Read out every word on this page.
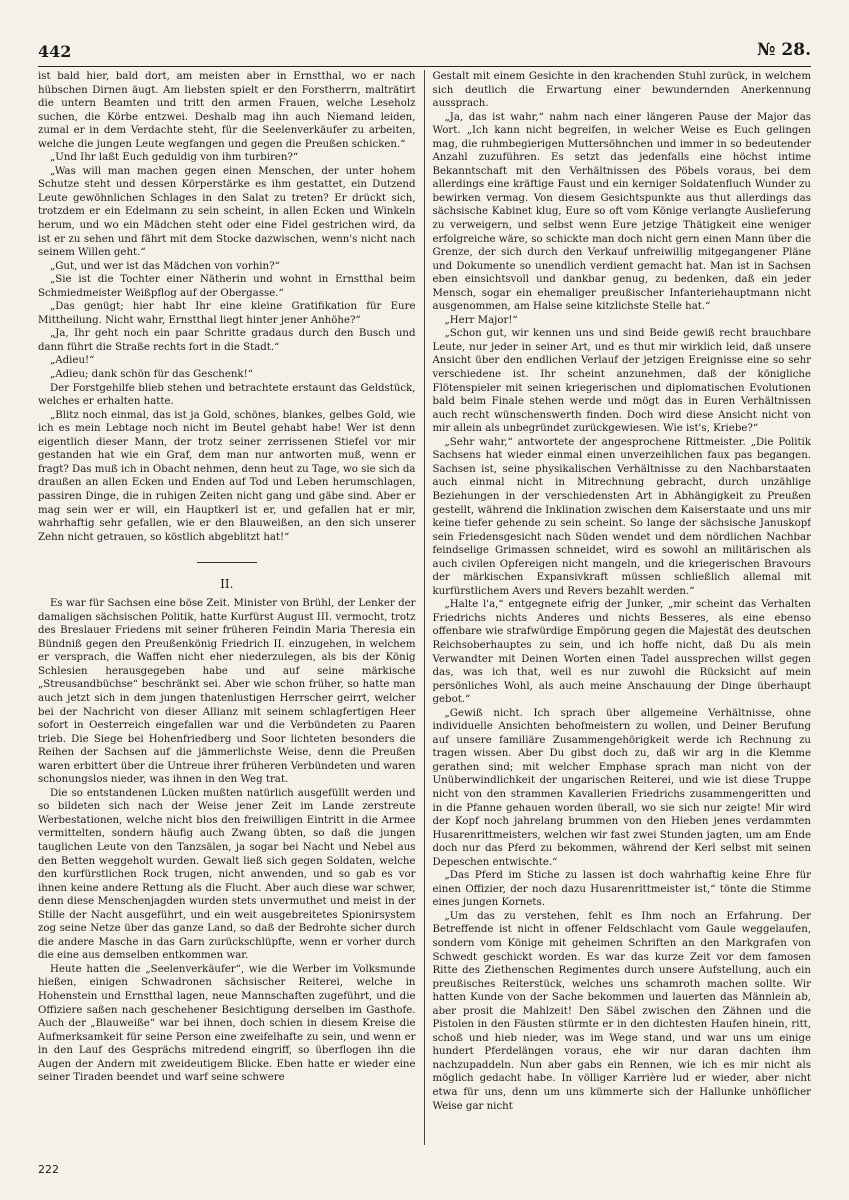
442	№ 28.

ist bald hier, bald dort, am meisten aber in Ernstthal, wo er nach hübschen Dirnen äugt. Am liebsten spielt er den Forstherrn, malträtirt die untern Beamten und tritt den armen Frauen, welche Leseholz suchen, die Körbe entzwei. Deshalb mag ihn auch Niemand leiden, zumal er in dem Verdachte steht, für die Seelenverkäufer zu arbeiten, welche die jungen Leute wegfangen und gegen die Preußen schicken.“

„Und Ihr laßt Euch geduldig von ihm turbiren?“

„Was will man machen gegen einen Menschen, der unter hohem Schutze steht und dessen Körperstärke es ihm gestattet, ein Dutzend Leute gewöhnlichen Schlages in den Salat zu treten? Er drückt sich, trotzdem er ein Edelmann zu sein scheint, in allen Ecken und Winkeln herum, und wo ein Mädchen steht oder eine Fidel gestrichen wird, da ist er zu sehen und fährt mit dem Stocke dazwischen, wenn's nicht nach seinem Willen geht.“

„Gut, und wer ist das Mädchen von vorhin?“

„Sie ist die Tochter einer Nätherin und wohnt in Ernstthal beim Schmiedmeister Weißpflog auf der Obergasse.“

„Das genügt; hier habt Ihr eine kleine Gratifikation für Eure Mittheilung. Nicht wahr, Ernstthal liegt hinter jener Anhöhe?“

„Ja, Ihr geht noch ein paar Schritte gradaus durch den Busch und dann führt die Straße rechts fort in die Stadt.“

„Adieu!“

„Adieu; dank schön für das Geschenk!“

Der Forstgehilfe blieb stehen und betrachtete erstaunt das Geldstück, welches er erhalten hatte.

„Blitz noch einmal, das ist ja Gold, schönes, blankes, gelbes Gold, wie ich es mein Lebtage noch nicht im Beutel gehabt habe! Wer ist denn eigentlich dieser Mann, der trotz seiner zerrissenen Stiefel vor mir gestanden hat wie ein Graf, dem man nur antworten muß, wenn er fragt? Das muß ich in Obacht nehmen, denn heut zu Tage, wo sie sich da draußen an allen Ecken und Enden auf Tod und Leben herumschlagen, passiren Dinge, die in ruhigen Zeiten nicht gang und gäbe sind. Aber er mag sein wer er will, ein Hauptkerl ist er, und gefallen hat er mir, wahrhaftig sehr gefallen, wie er den Blauweißen, an den sich unserer Zehn nicht getrauen, so köstlich abgeblitzt hat!“

II.

Es war für Sachsen eine böse Zeit. Minister von Brühl, der Lenker der damaligen sächsischen Politik, hatte Kurfürst August III. vermocht, trotz des Breslauer Friedens mit seiner früheren Feindin Maria Theresia ein Bündniß gegen den Preußenkönig Friedrich II. einzugehen, in welchem er versprach, die Waffen nicht eher niederzulegen, als bis der König Schlesien herausgegeben habe und auf seine märkische „Streusandbüchse“ beschränkt sei. Aber wie schon früher, so hatte man auch jetzt sich in dem jungen thatenlustigen Herrscher geirrt, welcher bei der Nachricht von dieser Allianz mit seinem schlagfertigen Heer sofort in Oesterreich eingefallen war und die Verbündeten zu Paaren trieb. Die Siege bei Hohenfriedberg und Soor lichteten besonders die Reihen der Sachsen auf die jämmerlichste Weise, denn die Preußen waren erbittert über die Untreue ihrer früheren Verbündeten und waren schonungslos nieder, was ihnen in den Weg trat.

Die so entstandenen Lücken mußten natürlich ausgefüllt werden und so bildeten sich nach der Weise jener Zeit im Lande zerstreute Werbestationen, welche nicht blos den freiwilligen Eintritt in die Armee vermittelten, sondern häufig auch Zwang übten, so daß die jungen tauglichen Leute von den Tanzsälen, ja sogar bei Nacht und Nebel aus den Betten weggeholt wurden. Gewalt ließ sich gegen Soldaten, welche den kurfürstlichen Rock trugen, nicht anwenden, und so gab es vor ihnen keine andere Rettung als die Flucht. Aber auch diese war schwer, denn diese Menschenjagden wurden stets unvermuthet und meist in der Stille der Nacht ausgeführt, und ein weit ausgebreitetes Spionirsystem zog seine Netze über das ganze Land, so daß der Bedrohte sicher durch die andere Masche in das Garn zurückschlüpfte, wenn er vorher durch die eine aus demselben entkommen war.

Heute hatten die „Seelenverkäufer“, wie die Werber im Volksmunde hießen, einigen Schwadronen sächsischer Reiterei, welche in Hohenstein und Ernstthal lagen, neue Mannschaften zugeführt, und die Offiziere saßen nach geschehener Besichtigung derselben im Gasthofe. Auch der „Blauweiße“ war bei ihnen, doch schien in diesem Kreise die Aufmerksamkeit für seine Person eine zweifelhafte zu sein, und wenn er in den Lauf des Gesprächs mitredend eingriff, so überflogen ihn die Augen der Andern mit zweideutigem Blicke. Eben hatte er wieder eine seiner Tiraden beendet und warf seine schwere

Gestalt mit einem Gesichte in den krachenden Stuhl zurück, in welchem sich deutlich die Erwartung einer bewundernden Anerkennung aussprach.

„Ja, das ist wahr,“ nahm nach einer längeren Pause der Major das Wort. „Ich kann nicht begreifen, in welcher Weise es Euch gelingen mag, die ruhmbegierigen Muttersöhnchen und immer in so bedeutender Anzahl zuzuführen. Es setzt das jedenfalls eine höchst intime Bekanntschaft mit den Verhältnissen des Pöbels voraus, bei dem allerdings eine kräftige Faust und ein kerniger Soldatenfluch Wunder zu bewirken vermag. Von diesem Gesichtspunkte aus thut allerdings das sächsische Kabinet klug, Eure so oft vom Könige verlangte Auslieferung zu verweigern, und selbst wenn Eure jetzige Thätigkeit eine weniger erfolgreiche wäre, so schickte man doch nicht gern einen Mann über die Grenze, der sich durch den Verkauf unfreiwillig mitgegangener Pläne und Dokumente so unendlich verdient gemacht hat. Man ist in Sachsen eben einsichtsvoll und dankbar genug, zu bedenken, daß ein jeder Mensch, sogar ein ehemaliger preußischer Infanteriehauptmann nicht ausgenommen, am Halse seine kitzlichste Stelle hat.“

„Herr Major!“

„Schon gut, wir kennen uns und sind Beide gewiß recht brauchbare Leute, nur jeder in seiner Art, und es thut mir wirklich leid, daß unsere Ansicht über den endlichen Verlauf der jetzigen Ereignisse eine so sehr verschiedene ist. Ihr scheint anzunehmen, daß der königliche Flötenspieler mit seinen kriegerischen und diplomatischen Evolutionen bald beim Finale stehen werde und mögt das in Euren Verhältnissen auch recht wünschenswerth finden. Doch wird diese Ansicht nicht von mir allein als unbegründet zurückgewiesen. Wie ist's, Kriebe?“

„Sehr wahr,“ antwortete der angesprochene Rittmeister. „Die Politik Sachsens hat wieder einmal einen unverzeihlichen faux pas begangen. Sachsen ist, seine physikalischen Verhältnisse zu den Nachbarstaaten auch einmal nicht in Mitrechnung gebracht, durch unzählige Beziehungen in der verschiedensten Art in Abhängigkeit zu Preußen gestellt, während die Inklination zwischen dem Kaiserstaate und uns mir keine tiefer gehende zu sein scheint. So lange der sächsische Januskopf sein Friedensgesicht nach Süden wendet und dem nördlichen Nachbar feindselige Grimassen schneidet, wird es sowohl an militärischen als auch civilen Opfereigen nicht mangeln, und die kriegerischen Bravours der märkischen Expansivkraft müssen schließlich allemal mit kurfürstlichem Avers und Revers bezahlt werden.“

„Halte l'a,“ entgegnete eifrig der Junker, „mir scheint das Verhalten Friedrichs nichts Anderes und nichts Besseres, als eine ebenso offenbare wie strafwürdige Empörung gegen die Majestät des deutschen Reichsoberhauptes zu sein, und ich hoffe nicht, daß Du als mein Verwandter mit Deinen Worten einen Tadel aussprechen willst gegen das, was ich that, weil es nur zuwohl die Rücksicht auf mein persönliches Wohl, als auch meine Anschauung der Dinge überhaupt gebot.“

„Gewiß nicht. Ich sprach über allgemeine Verhältnisse, ohne individuelle Ansichten behofmeistern zu wollen, und Deiner Berufung auf unsere familiäre Zusammengehörigkeit werde ich Rechnung zu tragen wissen. Aber Du gibst doch zu, daß wir arg in die Klemme gerathen sind; mit welcher Emphase sprach man nicht von der Unüberwindlichkeit der ungarischen Reiterei, und wie ist diese Truppe nicht von den strammen Kavallerien Friedrichs zusammengeritten und in die Pfanne gehauen worden überall, wo sie sich nur zeigte! Mir wird der Kopf noch jahrelang brummen von den Hieben jenes verdammten Husarenrittmeisters, welchen wir fast zwei Stunden jagten, um am Ende doch nur das Pferd zu bekommen, während der Kerl selbst mit seinen Depeschen entwischte.“

„Das Pferd im Stiche zu lassen ist doch wahrhaftig keine Ehre für einen Offizier, der noch dazu Husarenrittmeister ist,“ tönte die Stimme eines jungen Kornets.

„Um das zu verstehen, fehlt es Ihm noch an Erfahrung. Der Betreffende ist nicht in offener Feldschlacht vom Gaule weggelaufen, sondern vom Könige mit geheimen Schriften an den Markgrafen von Schwedt geschickt worden. Es war das kurze Zeit vor dem famosen Ritte des Ziethenschen Regimentes durch unsere Aufstellung, auch ein preußisches Reiterstück, welches uns schamroth machen sollte. Wir hatten Kunde von der Sache bekommen und lauerten das Männlein ab, aber prosit die Mahlzeit! Den Säbel zwischen den Zähnen und die Pistolen in den Fäusten stürmte er in den dichtesten Haufen hinein, ritt, schoß und hieb nieder, was im Wege stand, und war uns um einige hundert Pferdelängen voraus, ehe wir nur daran dachten ihm nachzupaddeln. Nun aber gabs ein Rennen, wie ich es mir nicht als möglich gedacht habe. In völliger Karrière lud er wieder, aber nicht etwa für uns, denn um uns kümmerte sich der Hallunke unhöflicher Weise gar nicht

222
